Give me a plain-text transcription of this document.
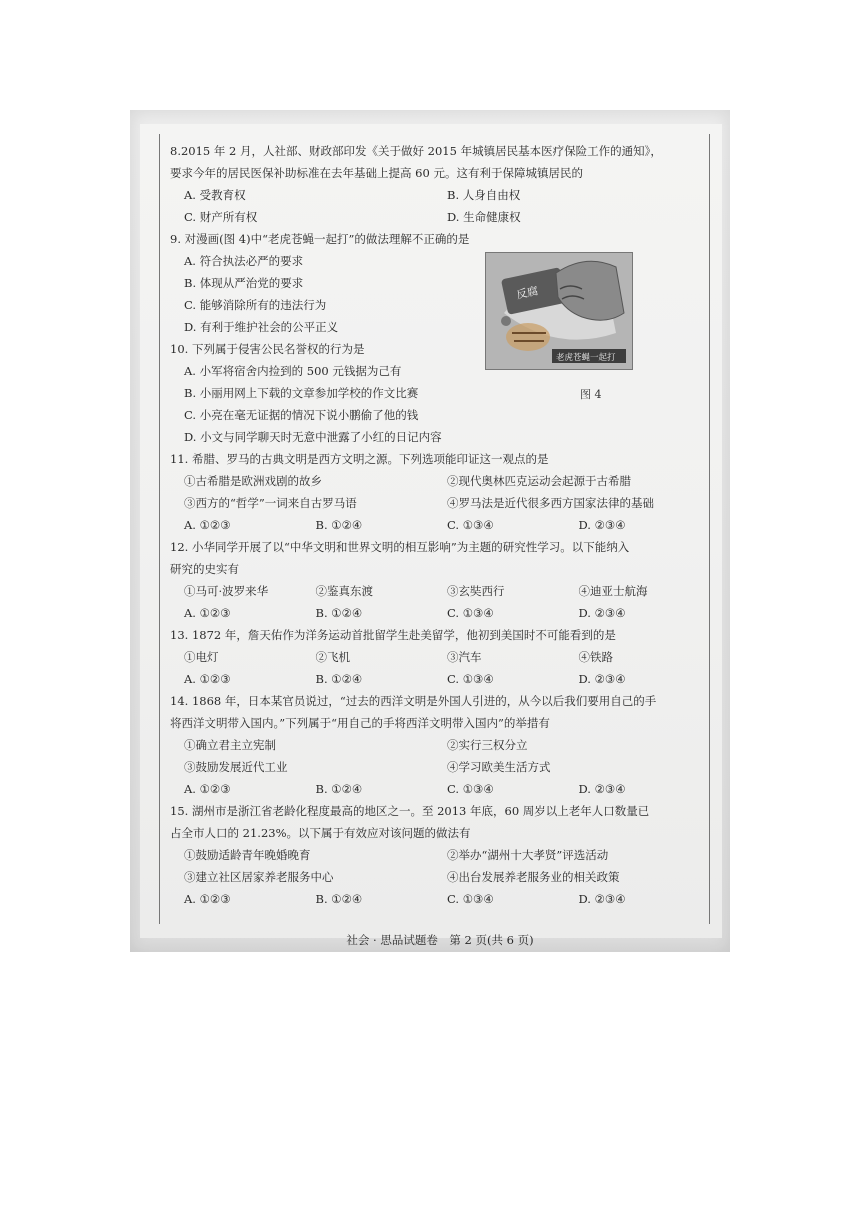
8.2015 年 2 月，人社部、财政部印发《关于做好 2015 年城镇居民基本医疗保险工作的通知》，
要求今年的居民医保补助标准在去年基础上提高 60 元。这有利于保障城镇居民的
A. 受教育权	B. 人身自由权
C. 财产所有权	D. 生命健康权
9. 对漫画(图 4)中“老虎苍蝇一起打”的做法理解不正确的是
A. 符合执法必严的要求
B. 体现从严治党的要求
C. 能够消除所有的违法行为
D. 有利于维护社会的公平正义
10. 下列属于侵害公民名誉权的行为是
A. 小军将宿舍内捡到的 500 元钱据为己有
B. 小丽用网上下载的文章参加学校的作文比赛
C. 小亮在毫无证据的情况下说小鹏偷了他的钱
D. 小文与同学聊天时无意中泄露了小红的日记内容
11. 希腊、罗马的古典文明是西方文明之源。下列选项能印证这一观点的是
①古希腊是欧洲戏剧的故乡	②现代奥林匹克运动会起源于古希腊
③西方的“哲学”一词来自古罗马语	④罗马法是近代很多西方国家法律的基础
A. ①②③	B. ①②④	C. ①③④	D. ②③④
12. 小华同学开展了以“中华文明和世界文明的相互影响”为主题的研究性学习。以下能纳入
研究的史实有
①马可·波罗来华	②鉴真东渡	③玄奘西行	④迪亚士航海
A. ①②③	B. ①②④	C. ①③④	D. ②③④
13. 1872 年，詹天佑作为洋务运动首批留学生赴美留学，他初到美国时不可能看到的是
①电灯	②飞机	③汽车	④铁路
A. ①②③	B. ①②④	C. ①③④	D. ②③④
14. 1868 年，日本某官员说过，“过去的西洋文明是外国人引进的，从今以后我们要用自己的手
将西洋文明带入国内。”下列属于“用自己的手将西洋文明带入国内”的举措有
①确立君主立宪制	②实行三权分立
③鼓励发展近代工业	④学习欧美生活方式
A. ①②③	B. ①②④	C. ①③④	D. ②③④
15. 湖州市是浙江省老龄化程度最高的地区之一。至 2013 年底，60 周岁以上老年人口数量已
占全市人口的 21.23%。以下属于有效应对该问题的做法有
①鼓励适龄青年晚婚晚育	②举办“湖州十大孝贤”评选活动
③建立社区居家养老服务中心	④出台发展养老服务业的相关政策
A. ①②③	B. ①②④	C. ①③④	D. ②③④
反腐
老虎苍蝇一起打
图 4
社会 · 思品试题卷　第 2 页(共 6 页)
